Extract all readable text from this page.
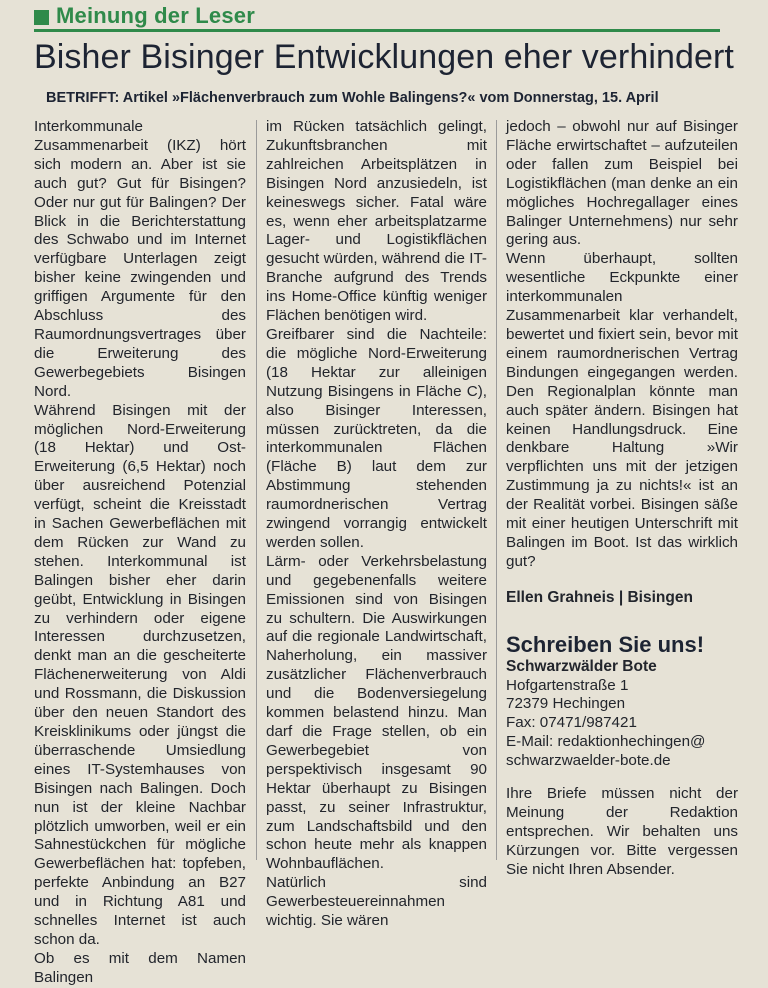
Meinung der Leser
Bisher Bisinger Entwicklungen eher verhindert
BETRIFFT: Artikel »Flächenverbrauch zum Wohle Balingens?« vom Donnerstag, 15. April

Interkommunale Zusammenarbeit (IKZ) hört sich modern an. Aber ist sie auch gut? Gut für Bisingen? Oder nur gut für Balingen? Der Blick in die Berichterstattung des Schwabo und im Internet verfügbare Unterlagen zeigt bisher keine zwingenden und griffigen Argumente für den Abschluss des Raumordnungsvertrages über die Erweiterung des Gewerbegebiets Bisingen Nord.

Während Bisingen mit der möglichen Nord-Erweiterung (18 Hektar) und Ost-Erweiterung (6,5 Hektar) noch über ausreichend Potenzial verfügt, scheint die Kreisstadt in Sachen Gewerbeflächen mit dem Rücken zur Wand zu stehen. Interkommunal ist Balingen bisher eher darin geübt, Entwicklung in Bisingen zu verhindern oder eigene Interessen durchzusetzen, denkt man an die gescheiterte Flächenerweiterung von Aldi und Rossmann, die Diskussion über den neuen Standort des Kreisklinikums oder jüngst die überraschende Umsiedlung eines IT-Systemhauses von Bisingen nach Balingen. Doch nun ist der kleine Nachbar plötzlich umworben, weil er ein Sahnestückchen für mögliche Gewerbeflächen hat: topfeben, perfekte Anbindung an B27 und in Richtung A81 und schnelles Internet ist auch schon da.

Ob es mit dem Namen Balingen

im Rücken tatsächlich gelingt, Zukunftsbranchen mit zahlreichen Arbeitsplätzen in Bisingen Nord anzusiedeln, ist keineswegs sicher. Fatal wäre es, wenn eher arbeitsplatzarme Lager- und Logistikflächen gesucht würden, während die IT-Branche aufgrund des Trends ins Home-Office künftig weniger Flächen benötigen wird.

Greifbarer sind die Nachteile: die mögliche Nord-Erweiterung (18 Hektar zur alleinigen Nutzung Bisingens in Fläche C), also Bisinger Interessen, müssen zurücktreten, da die interkommunalen Flächen (Fläche B) laut dem zur Abstimmung stehenden raumordnerischen Vertrag zwingend vorrangig entwickelt werden sollen.

Lärm- oder Verkehrsbelastung und gegebenenfalls weitere Emissionen sind von Bisingen zu schultern. Die Auswirkungen auf die regionale Landwirtschaft, Naherholung, ein massiver zusätzlicher Flächenverbrauch und die Bodenversiegelung kommen belastend hinzu. Man darf die Frage stellen, ob ein Gewerbegebiet von perspektivisch insgesamt 90 Hektar überhaupt zu Bisingen passt, zu seiner Infrastruktur, zum Landschaftsbild und den schon heute mehr als knappen Wohnbauflächen.

Natürlich sind Gewerbesteuereinnahmen wichtig. Sie wären

jedoch – obwohl nur auf Bisinger Fläche erwirtschaftet – aufzuteilen oder fallen zum Beispiel bei Logistikflächen (man denke an ein mögliches Hochregallager eines Balinger Unternehmens) nur sehr gering aus.

Wenn überhaupt, sollten wesentliche Eckpunkte einer interkommunalen Zusammenarbeit klar verhandelt, bewertet und fixiert sein, bevor mit einem raumordnerischen Vertrag Bindungen eingegangen werden. Den Regionalplan könnte man auch später ändern. Bisingen hat keinen Handlungsdruck. Eine denkbare Haltung »Wir verpflichten uns mit der jetzigen Zustimmung ja zu nichts!« ist an der Realität vorbei. Bisingen säße mit einer heutigen Unterschrift mit Balingen im Boot. Ist das wirklich gut?

Ellen Grahneis | Bisingen

Schreiben Sie uns!

Schwarzwälder Bote

Hofgartenstraße 1

72379 Hechingen

Fax: 07471/987421

E-Mail: redaktionhechingen@

schwarzwaelder-bote.de

Ihre Briefe müssen nicht der Meinung der Redaktion entsprechen. Wir behalten uns Kürzungen vor. Bitte vergessen Sie nicht Ihren Absender.
